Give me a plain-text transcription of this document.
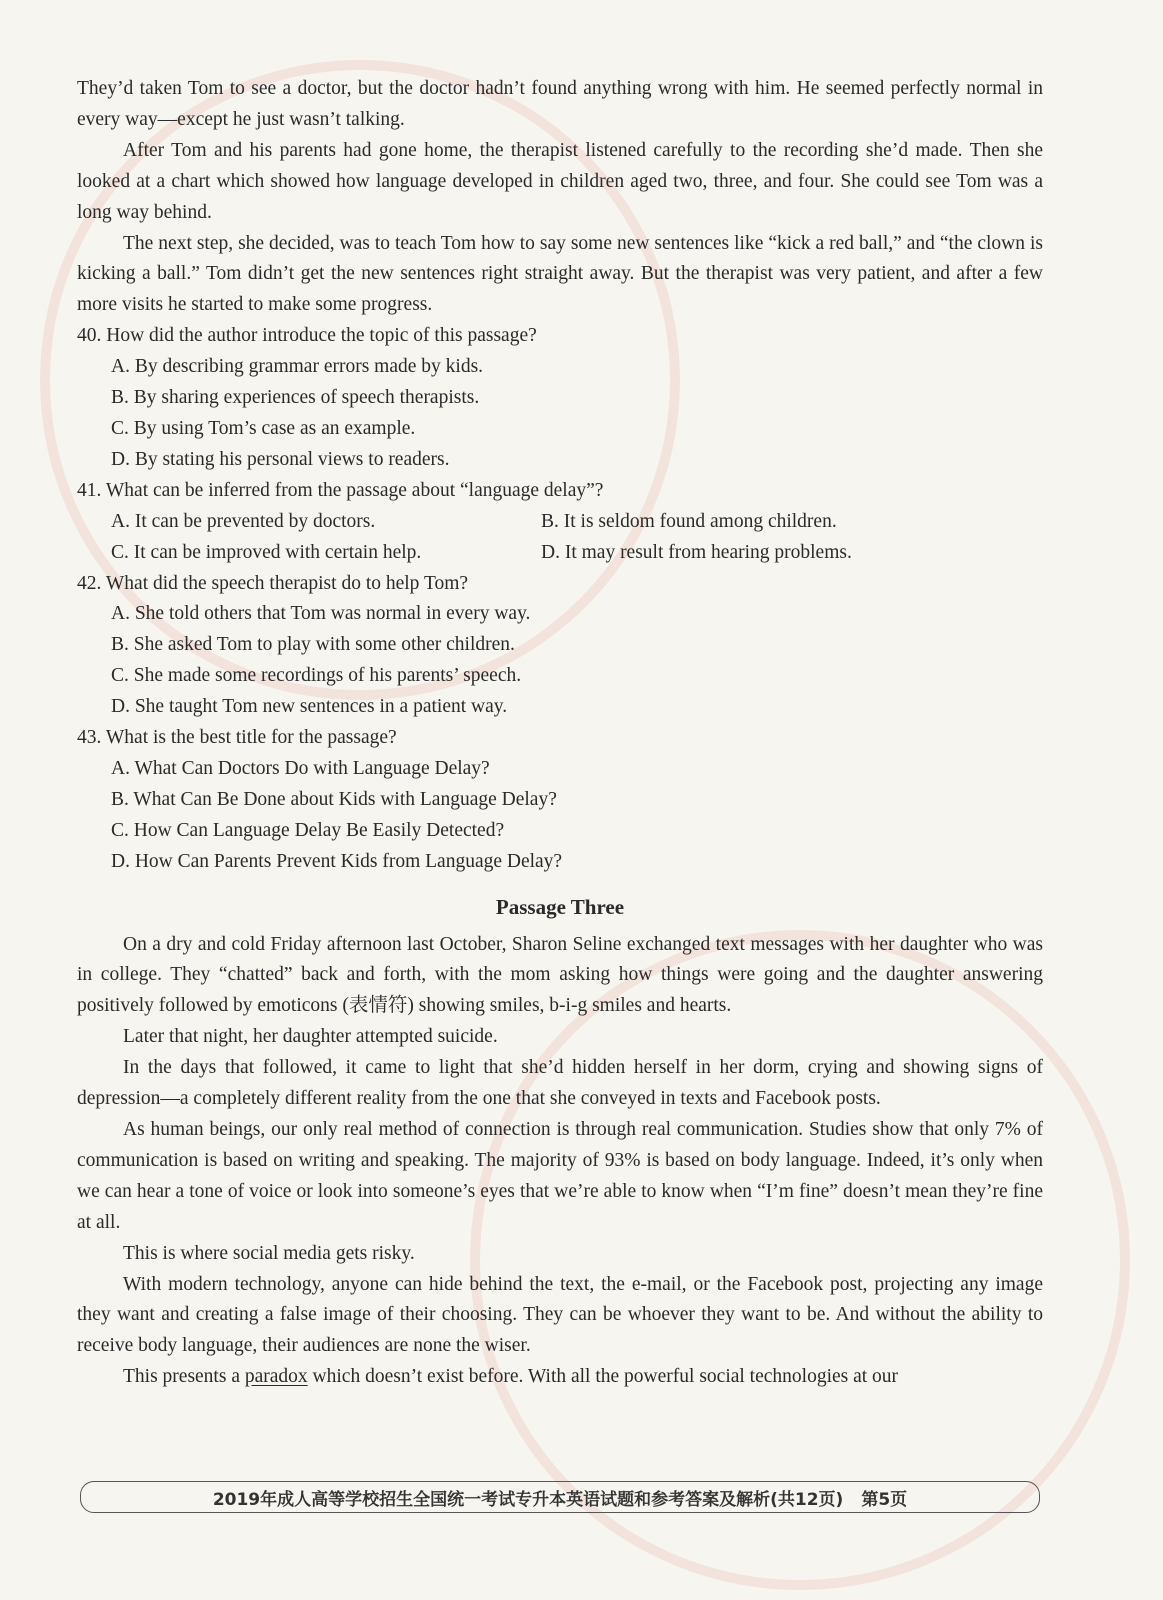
They’d taken Tom to see a doctor, but the doctor hadn’t found anything wrong with him. He seemed perfectly normal in every way—except he just wasn’t talking.

After Tom and his parents had gone home, the therapist listened carefully to the recording she’d made. Then she looked at a chart which showed how language developed in children aged two, three, and four. She could see Tom was a long way behind.

The next step, she decided, was to teach Tom how to say some new sentences like “kick a red ball,” and “the clown is kicking a ball.” Tom didn’t get the new sentences right straight away. But the therapist was very patient, and after a few more visits he started to make some progress.

40. How did the author introduce the topic of this passage?
A. By describing grammar errors made by kids.
B. By sharing experiences of speech therapists.
C. By using Tom’s case as an example.
D. By stating his personal views to readers.
41. What can be inferred from the passage about “language delay”?
A. It can be prevented by doctors.	B. It is seldom found among children.
C. It can be improved with certain help.	D. It may result from hearing problems.
42. What did the speech therapist do to help Tom?
A. She told others that Tom was normal in every way.
B. She asked Tom to play with some other children.
C. She made some recordings of his parents’ speech.
D. She taught Tom new sentences in a patient way.
43. What is the best title for the passage?
A. What Can Doctors Do with Language Delay?
B. What Can Be Done about Kids with Language Delay?
C. How Can Language Delay Be Easily Detected?
D. How Can Parents Prevent Kids from Language Delay?
Passage Three

On a dry and cold Friday afternoon last October, Sharon Seline exchanged text messages with her daughter who was in college. They “chatted” back and forth, with the mom asking how things were going and the daughter answering positively followed by emoticons (表情符) showing smiles, b-i-g smiles and hearts.

Later that night, her daughter attempted suicide.

In the days that followed, it came to light that she’d hidden herself in her dorm, crying and showing signs of depression—a completely different reality from the one that she conveyed in texts and Facebook posts.

As human beings, our only real method of connection is through real communication. Studies show that only 7% of communication is based on writing and speaking. The majority of 93% is based on body language. Indeed, it’s only when we can hear a tone of voice or look into someone’s eyes that we’re able to know when “I’m fine” doesn’t mean they’re fine at all.

This is where social media gets risky.

With modern technology, anyone can hide behind the text, the e-mail, or the Facebook post, projecting any image they want and creating a false image of their choosing. They can be whoever they want to be. And without the ability to receive body language, their audiences are none the wiser.

This presents a paradox which doesn’t exist before. With all the powerful social technologies at our

2019年成人高等学校招生全国统一考试专升本英语试题和参考答案及解析(共12页) 第5页
